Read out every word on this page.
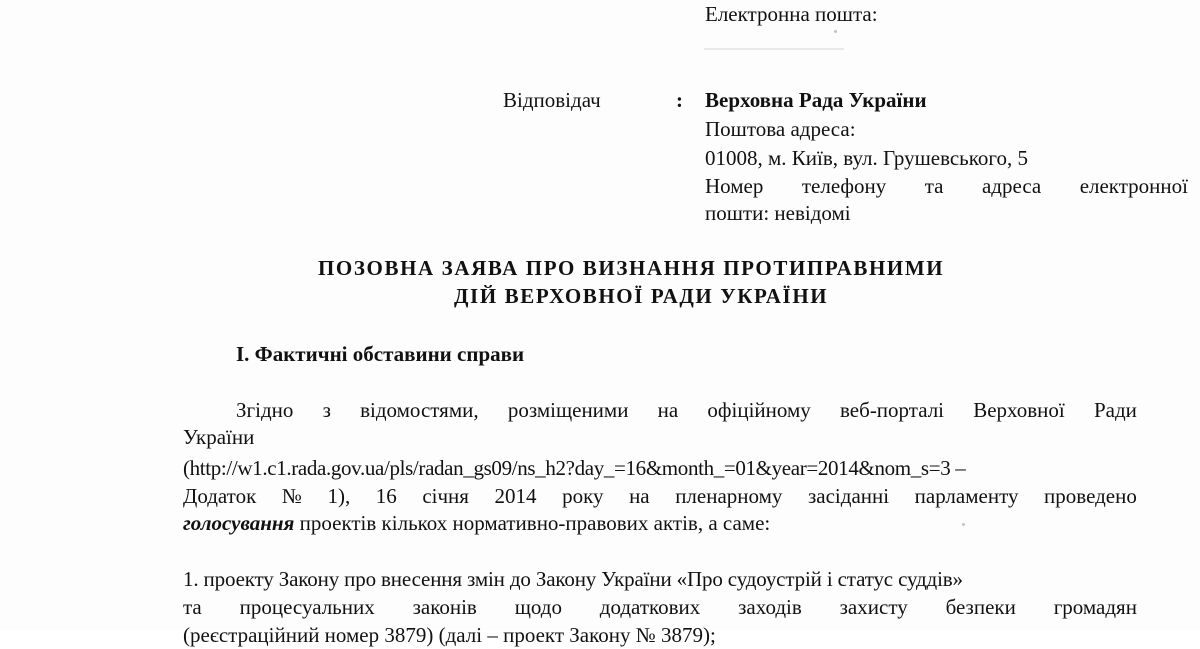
Електронна пошта:
Відповідач	: Верховна Рада України
Поштова адреса:
01008, м. Київ, вул. Грушевського, 5
Номер телефону та адреса електронної
пошти: невідомі
ПОЗОВНА ЗАЯВА ПРО ВИЗНАННЯ ПРОТИПРАВНИМИ
ДІЙ ВЕРХОВНОЇ РАДИ УКРАЇНИ
І. Фактичні обставини справи
Згідно з відомостями, розміщеними на офіційному веб-порталі Верховної Ради
України
(http://w1.c1.rada.gov.ua/pls/radan_gs09/ns_h2?day_=16&month_=01&year=2014&nom_s=3 –
Додаток № 1), 16 січня 2014 року на пленарному засіданні парламенту проведено
голосування проектів кількох нормативно-правових актів, а саме:
1. проекту Закону про внесення змін до Закону України «Про судоустрій і статус суддів»
та процесуальних законів щодо додаткових заходів захисту безпеки громадян
(реєстраційний номер 3879) (далі – проект Закону № 3879);
